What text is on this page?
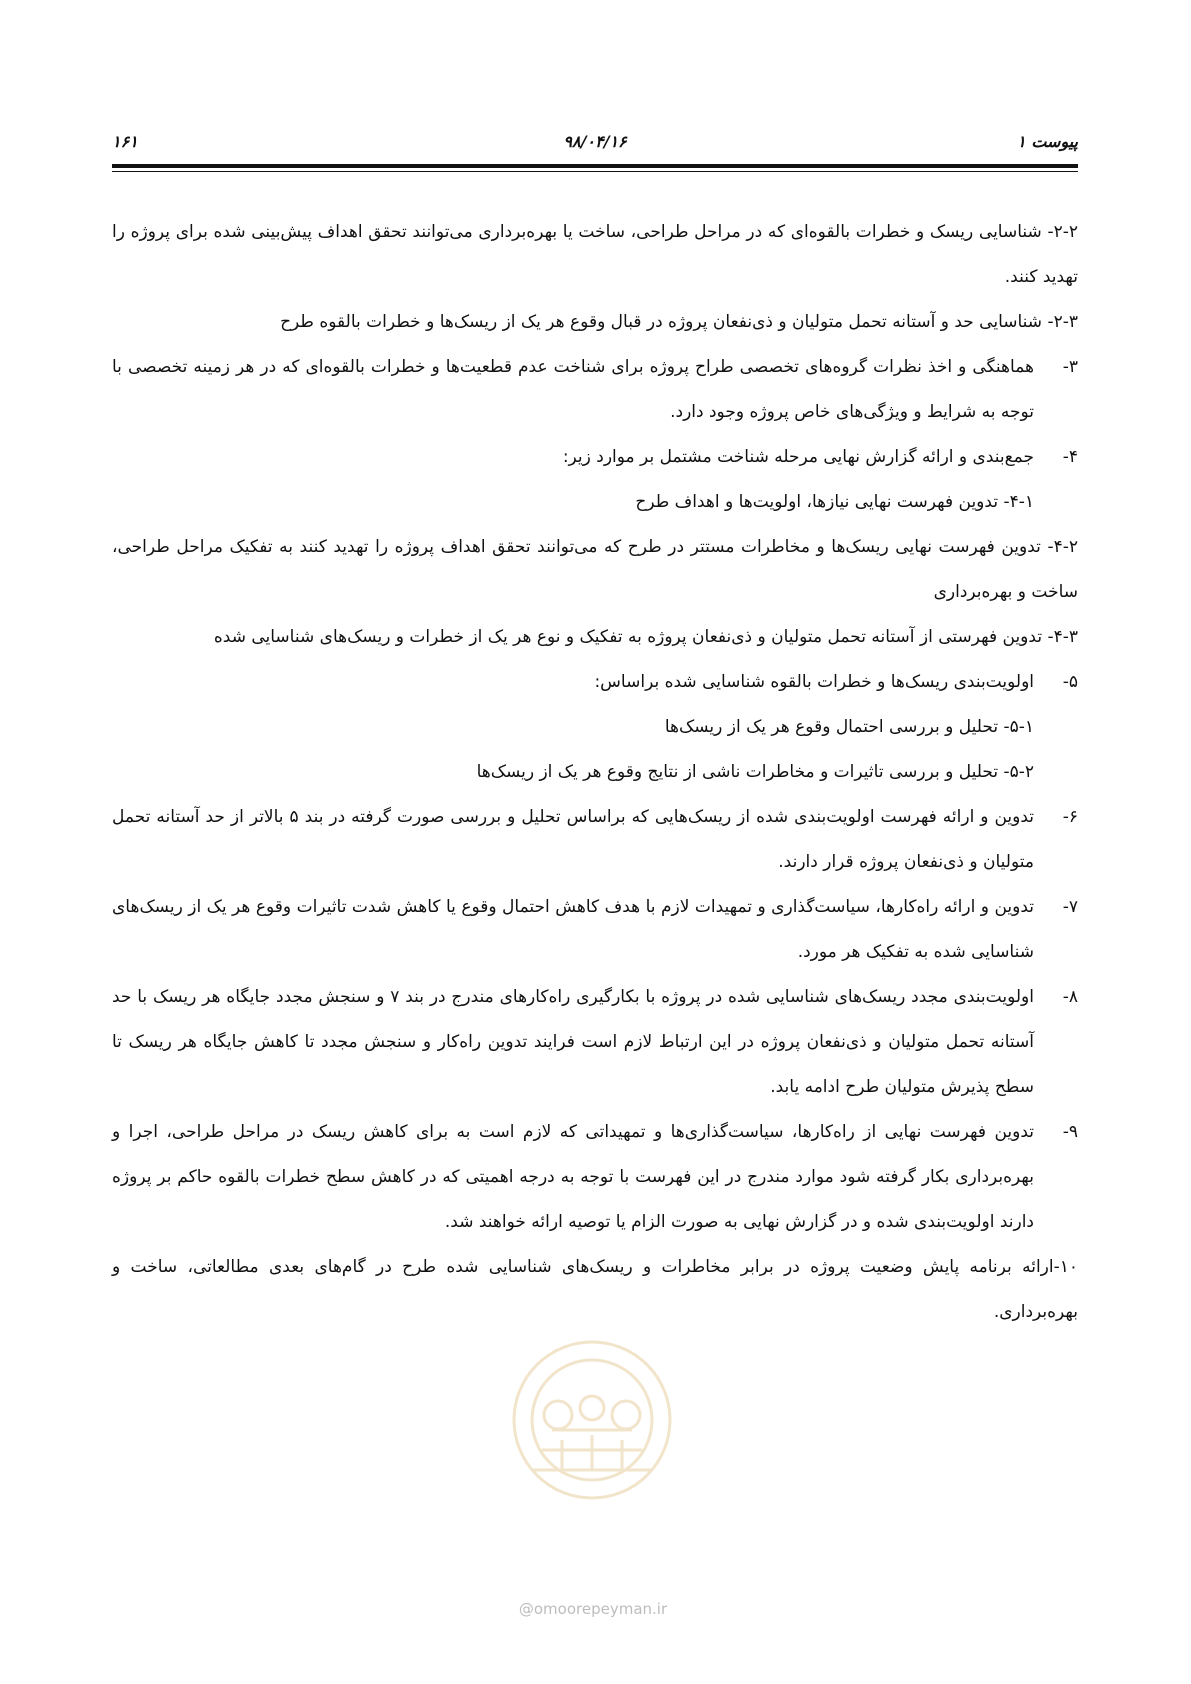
پیوست ۱
۹۸/۰۴/۱۶
۱۶۱

۲-۲- شناسایی ریسک و خطرات بالقوه‌ای که در مراحل طراحی، ساخت یا بهره‌برداری می‌توانند تحقق اهداف پیش‌بینی شده برای پروژه را تهدید کنند.

۲-۳- شناسایی حد و آستانه تحمل متولیان و ذی‌نفعان پروژه در قبال وقوع هر یک از ریسک‌ها و خطرات بالقوه طرح

۳-
هماهنگی و اخذ نظرات گروه‌های تخصصی طراح پروژه برای شناخت عدم قطعیت‌ها و خطرات بالقوه‌ای که در هر زمینه تخصصی با توجه به شرایط و ویژگی‌های خاص پروژه وجود دارد.
۴-
جمع‌بندی و ارائه گزارش نهایی مرحله شناخت مشتمل بر موارد زیر:
۴-۱- تدوین فهرست نهایی نیازها، اولویت‌ها و اهداف طرح

۴-۲- تدوین فهرست نهایی ریسک‌ها و مخاطرات مستتر در طرح که می‌توانند تحقق اهداف پروژه را تهدید کنند به تفکیک مراحل طراحی، ساخت و بهره‌برداری

۴-۳- تدوین فهرستی از آستانه تحمل متولیان و ذی‌نفعان پروژه به تفکیک و نوع هر یک از خطرات و ریسک‌های شناسایی شده

۵-
اولویت‌بندی ریسک‌ها و خطرات بالقوه شناسایی شده براساس:
۵-۱- تحلیل و بررسی احتمال وقوع هر یک از ریسک‌ها
۵-۲- تحلیل و بررسی تاثیرات و مخاطرات ناشی از نتایج وقوع هر یک از ریسک‌ها
۶-
تدوین و ارائه فهرست اولویت‌بندی شده از ریسک‌هایی که براساس تحلیل و بررسی صورت گرفته در بند ۵ بالاتر از حد آستانه تحمل متولیان و ذی‌نفعان پروژه قرار دارند.
۷-
تدوین و ارائه راه‌کارها، سیاست‌گذاری و تمهیدات لازم با هدف کاهش احتمال وقوع یا کاهش شدت تاثیرات وقوع هر یک از ریسک‌های شناسایی شده به تفکیک هر مورد.
۸-
اولویت‌بندی مجدد ریسک‌های شناسایی شده در پروژه با بکارگیری راه‌کارهای مندرج در بند ۷ و سنجش مجدد جایگاه هر ریسک با حد آستانه تحمل متولیان و ذی‌نفعان پروژه در این ارتباط لازم است فرایند تدوین راه‌کار و سنجش مجدد تا کاهش جایگاه هر ریسک تا سطح پذیرش متولیان طرح ادامه یابد.
۹-
تدوین فهرست نهایی از راه‌کارها، سیاست‌گذاری‌ها و تمهیداتی که لازم است به برای کاهش ریسک در مراحل طراحی، اجرا و بهره‌برداری بکار گرفته شود موارد مندرج در این فهرست با توجه به درجه اهمیتی که در کاهش سطح خطرات بالقوه حاکم بر پروژه دارند اولویت‌بندی شده و در گزارش نهایی به صورت الزام یا توصیه ارائه خواهند شد.

۱۰-ارائه برنامه پایش وضعیت پروژه در برابر مخاطرات و ریسک‌های شناسایی شده طرح در گام‌های بعدی مطالعاتی، ساخت و بهره‌برداری.

@omoorepeyman.ir
